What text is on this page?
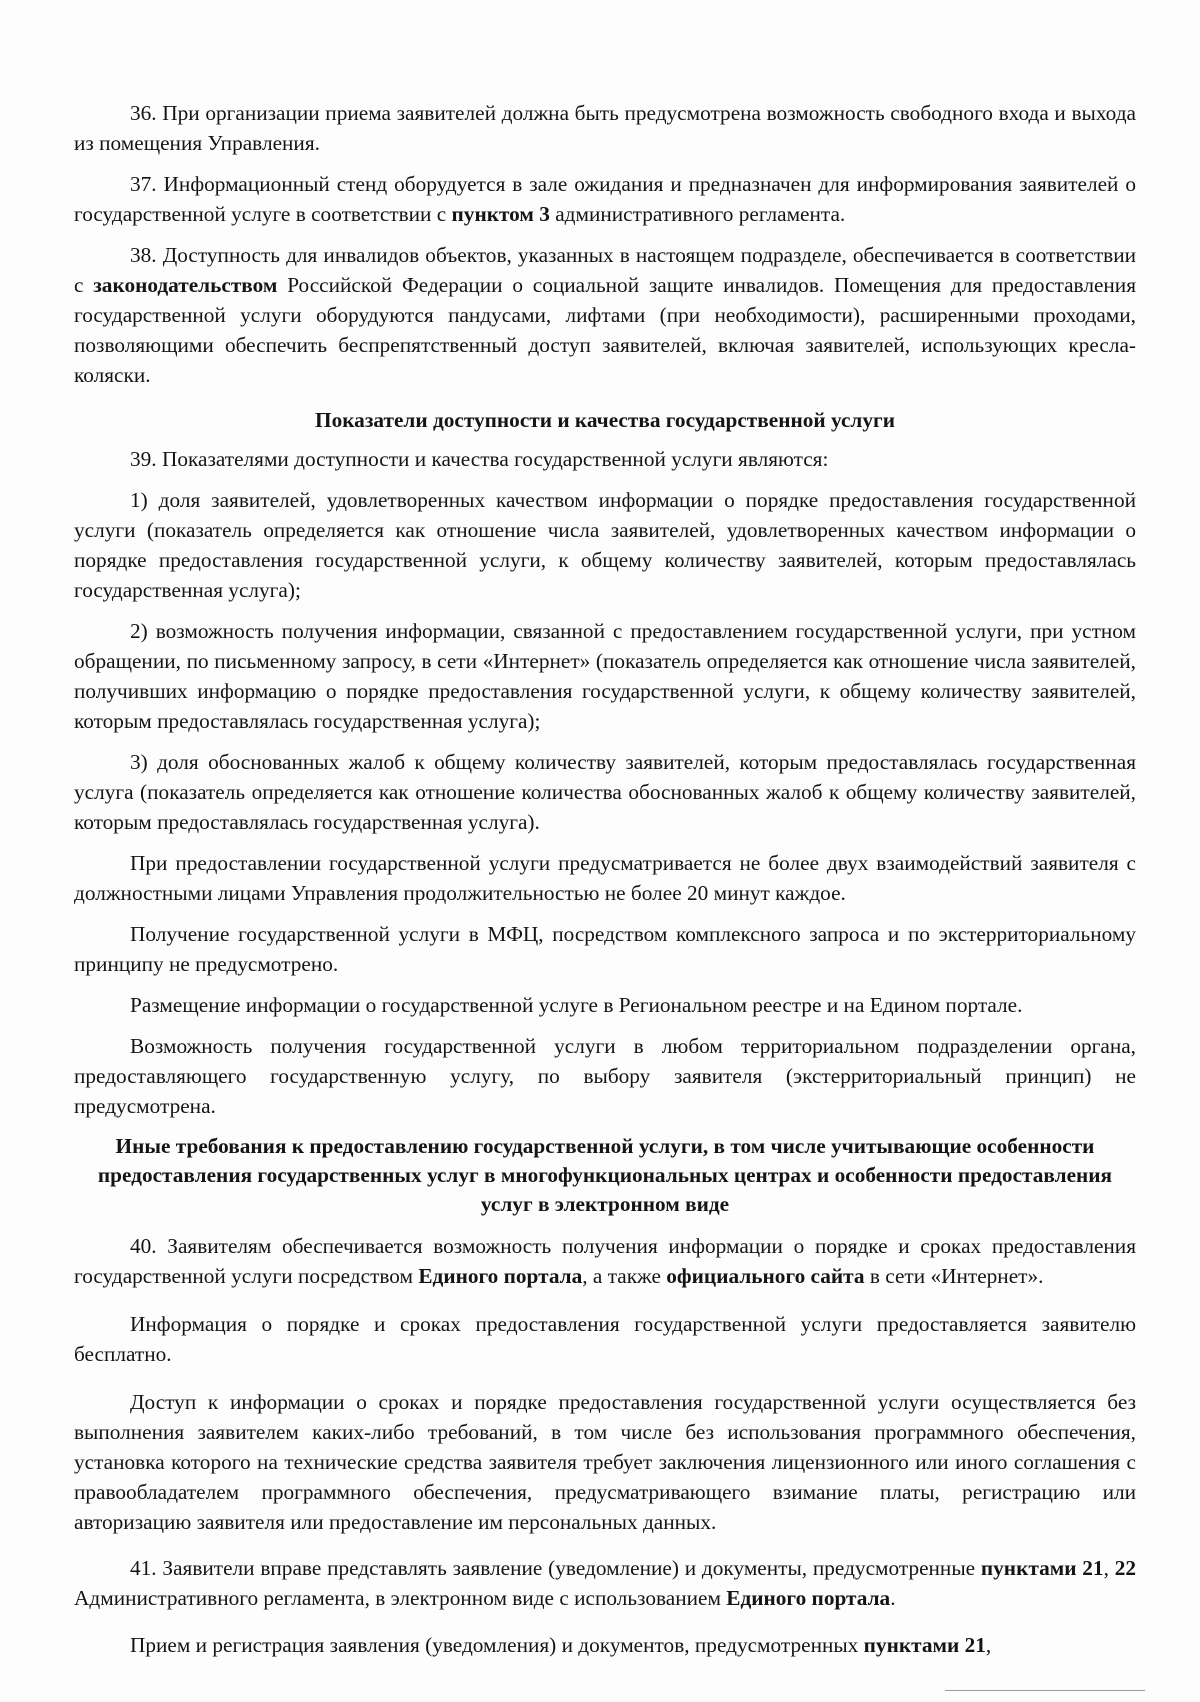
36. При организации приема заявителей должна быть предусмотрена возможность свободного входа и выхода из помещения Управления.

37. Информационный стенд оборудуется в зале ожидания и предназначен для информирования заявителей о государственной услуге в соответствии с пунктом 3 административного регламента.

38. Доступность для инвалидов объектов, указанных в настоящем подразделе, обеспечивается в соответствии с законодательством Российской Федерации о социальной защите инвалидов. Помещения для предоставления государственной услуги оборудуются пандусами, лифтами (при необходимости), расширенными проходами, позволяющими обеспечить беспрепятственный доступ заявителей, включая заявителей, использующих кресла-коляски.

Показатели доступности и качества государственной услуги

39. Показателями доступности и качества государственной услуги являются:

1) доля заявителей, удовлетворенных качеством информации о порядке предоставления государственной услуги (показатель определяется как отношение числа заявителей, удовлетворенных качеством информации о порядке предоставления государственной услуги, к общему количеству заявителей, которым предоставлялась государственная услуга);

2) возможность получения информации, связанной с предоставлением государственной услуги, при устном обращении, по письменному запросу, в сети «Интернет» (показатель определяется как отношение числа заявителей, получивших информацию о порядке предоставления государственной услуги, к общему количеству заявителей, которым предоставлялась государственная услуга);

3) доля обоснованных жалоб к общему количеству заявителей, которым предоставлялась государственная услуга (показатель определяется как отношение количества обоснованных жалоб к общему количеству заявителей, которым предоставлялась государственная услуга).

При предоставлении государственной услуги предусматривается не более двух взаимодействий заявителя с должностными лицами Управления продолжительностью не более 20 минут каждое.

Получение государственной услуги в МФЦ, посредством комплексного запроса и по экстерриториальному принципу не предусмотрено.

Размещение информации о государственной услуге в Региональном реестре и на Едином портале.

Возможность получения государственной услуги в любом территориальном подразделении органа, предоставляющего государственную услугу, по выбору заявителя (экстерриториальный принцип) не предусмотрена.

Иные требования к предоставлению государственной услуги, в том числе учитывающие особенности предоставления государственных услуг в многофункциональных центрах и особенности предоставления услуг в электронном виде

40. Заявителям обеспечивается возможность получения информации о порядке и сроках предоставления государственной услуги посредством Единого портала, а также официального сайта в сети «Интернет».

Информация о порядке и сроках предоставления государственной услуги предоставляется заявителю бесплатно.

Доступ к информации о сроках и порядке предоставления государственной услуги осуществляется без выполнения заявителем каких-либо требований, в том числе без использования программного обеспечения, установка которого на технические средства заявителя требует заключения лицензионного или иного соглашения с правообладателем программного обеспечения, предусматривающего взимание платы, регистрацию или авторизацию заявителя или предоставление им персональных данных.

41. Заявители вправе представлять заявление (уведомление) и документы, предусмотренные пунктами 21, 22 Административного регламента, в электронном виде с использованием Единого портала.

Прием и регистрация заявления (уведомления) и документов, предусмотренных пунктами 21,
